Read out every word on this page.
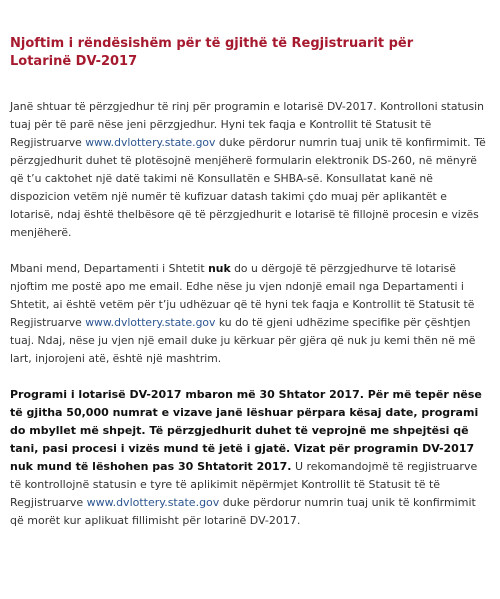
Njoftim i rëndësishëm për të gjithë të Regjistruarit për Lotarinë DV-2017

Janë shtuar të përzgjedhur të rinj për programin e lotarisë DV-2017. Kontrolloni statusin tuaj për të parë nëse jeni përzgjedhur. Hyni tek faqja e Kontrollit të Statusit të Regjistruarve www.dvlottery.state.gov duke përdorur numrin tuaj unik të konfirmimit. Të përzgjedhurit duhet të plotësojnë menjëherë formularin elektronik DS-260, në mënyrë që t’u caktohet një datë takimi në Konsullatën e SHBA-së. Konsullatat kanë në dispozicion vetëm një numër të kufizuar datash takimi çdo muaj për aplikantët e lotarisë, ndaj është thelbësore që të përzgjedhurit e lotarisë të fillojnë procesin e vizës menjëherë.

Mbani mend, Departamenti i Shtetit nuk do u dërgojë të përzgjedhurve të lotarisë njoftim me postë apo me email. Edhe nëse ju vjen ndonjë email nga Departamenti i Shtetit, ai është vetëm për t’ju udhëzuar që të hyni tek faqja e Kontrollit të Statusit të Regjistruarve www.dvlottery.state.gov ku do të gjeni udhëzime specifike për çështjen tuaj. Ndaj, nëse ju vjen një email duke ju kërkuar për gjëra që nuk ju kemi thën në më lart, injorojeni atë, është një mashtrim.

Programi i lotarisë DV-2017 mbaron më 30 Shtator 2017. Për më tepër nëse të gjitha 50,000 numrat e vizave janë lëshuar përpara kësaj date, programi do mbyllet më shpejt. Të përzgjedhurit duhet të veprojnë me shpejtësi që tani, pasi procesi i vizës mund të jetë i gjatë. Vizat për programin DV-2017 nuk mund të lëshohen pas 30 Shtatorit 2017. U rekomandojmë të regjistruarve të kontrollojnë statusin e tyre të aplikimit nëpërmjet Kontrollit të Statusit të të Regjistruarve www.dvlottery.state.gov duke përdorur numrin tuaj unik të konfirmimit që morët kur aplikuat fillimisht për lotarinë DV-2017.
